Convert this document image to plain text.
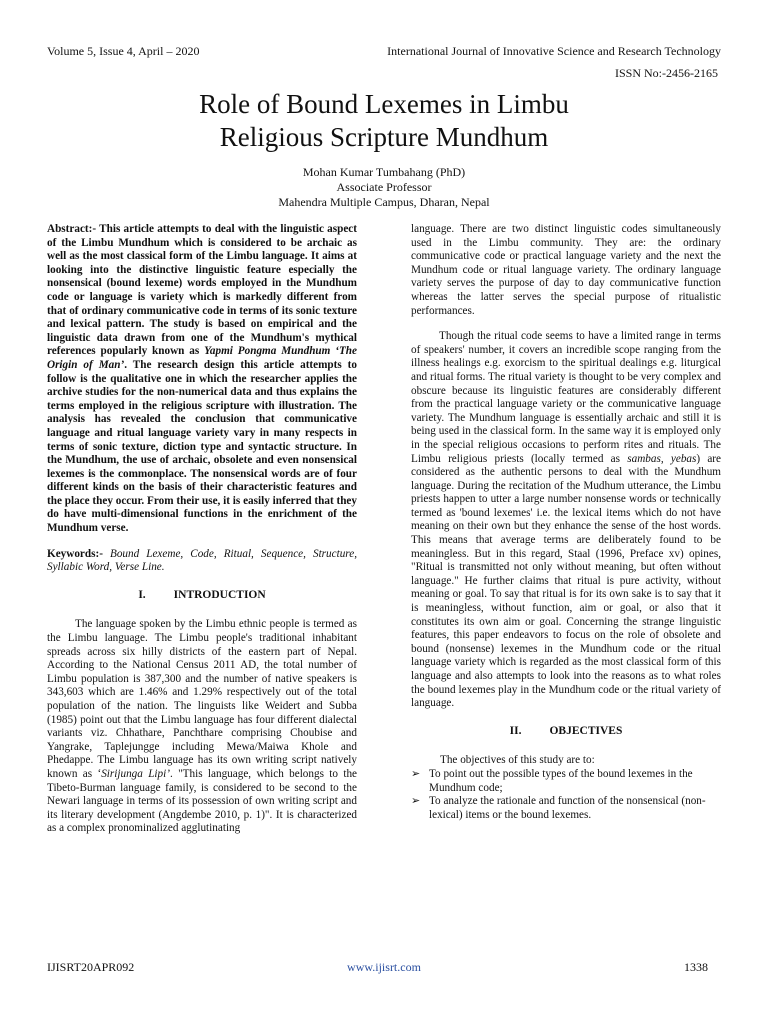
Volume 5, Issue 4, April – 2020	International Journal of Innovative Science and Research Technology
ISSN No:-2456-2165
Role of Bound Lexemes in Limbu
Religious Scripture Mundhum
Mohan Kumar Tumbahang (PhD)
Associate Professor
Mahendra Multiple Campus, Dharan, Nepal

Abstract:- This article attempts to deal with the linguistic aspect of the Limbu Mundhum which is considered to be archaic as well as the most classical form of the Limbu language. It aims at looking into the distinctive linguistic feature especially the nonsensical (bound lexeme) words employed in the Mundhum code or language is variety which is markedly different from that of ordinary communicative code in terms of its sonic texture and lexical pattern. The study is based on empirical and the linguistic data drawn from one of the Mundhum's mythical references popularly known as Yapmi Pongma Mundhum ‘The Origin of Man’. The research design this article attempts to follow is the qualitative one in which the researcher applies the archive studies for the non-numerical data and thus explains the terms employed in the religious scripture with illustration. The analysis has revealed the conclusion that communicative language and ritual language variety vary in many respects in terms of sonic texture, diction type and syntactic structure. In the Mundhum, the use of archaic, obsolete and even nonsensical lexemes is the commonplace. The nonsensical words are of four different kinds on the basis of their characteristic features and the place they occur. From their use, it is easily inferred that they do have multi-dimensional functions in the enrichment of the Mundhum verse.

Keywords:- Bound Lexeme, Code, Ritual, Sequence, Structure, Syllabic Word, Verse Line.

I. INTRODUCTION

The language spoken by the Limbu ethnic people is termed as the Limbu language. The Limbu people's traditional inhabitant spreads across six hilly districts of the eastern part of Nepal. According to the National Census 2011 AD, the total number of Limbu population is 387,300 and the number of native speakers is 343,603 which are 1.46% and 1.29% respectively out of the total population of the nation. The linguists like Weidert and Subba (1985) point out that the Limbu language has four different dialectal variants viz. Chhathare, Panchthare comprising Choubise and Yangrake, Taplejungge including Mewa/Maiwa Khole and Phedappe. The Limbu language has its own writing script natively known as ‘Sirijunga Lipi’. "This language, which belongs to the Tibeto-Burman language family, is considered to be second to the Newari language in terms of its possession of own writing script and its literary development (Angdembe 2010, p. 1)". It is characterized as a complex pronominalized agglutinating

language. There are two distinct linguistic codes simultaneously used in the Limbu community. They are: the ordinary communicative code or practical language variety and the next the Mundhum code or ritual language variety. The ordinary language variety serves the purpose of day to day communicative function whereas the latter serves the special purpose of ritualistic performances.

Though the ritual code seems to have a limited range in terms of speakers' number, it covers an incredible scope ranging from the illness healings e.g. exorcism to the spiritual dealings e.g. liturgical and ritual forms. The ritual variety is thought to be very complex and obscure because its linguistic features are considerably different from the practical language variety or the communicative language variety. The Mundhum language is essentially archaic and still it is being used in the classical form. In the same way it is employed only in the special religious occasions to perform rites and rituals. The Limbu religious priests (locally termed as sambas, yebas) are considered as the authentic persons to deal with the Mundhum language. During the recitation of the Mudhum utterance, the Limbu priests happen to utter a large number nonsense words or technically termed as 'bound lexemes' i.e. the lexical items which do not have meaning on their own but they enhance the sense of the host words. This means that average terms are deliberately found to be meaningless. But in this regard, Staal (1996, Preface xv) opines, "Ritual is transmitted not only without meaning, but often without language." He further claims that ritual is pure activity, without meaning or goal. To say that ritual is for its own sake is to say that it is meaningless, without function, aim or goal, or also that it constitutes its own aim or goal. Concerning the strange linguistic features, this paper endeavors to focus on the role of obsolete and bound (nonsense) lexemes in the Mundhum code or the ritual language variety which is regarded as the most classical form of this language and also attempts to look into the reasons as to what roles the bound lexemes play in the Mundhum code or the ritual variety of language.

II. OBJECTIVES

The objectives of this study are to:

➢ To point out the possible types of the bound lexemes in the Mundhum code;
➢ To analyze the rationale and function of the nonsensical (non-lexical) items or the bound lexemes.
IJISRT20APR092	www.ijisrt.com	1338
